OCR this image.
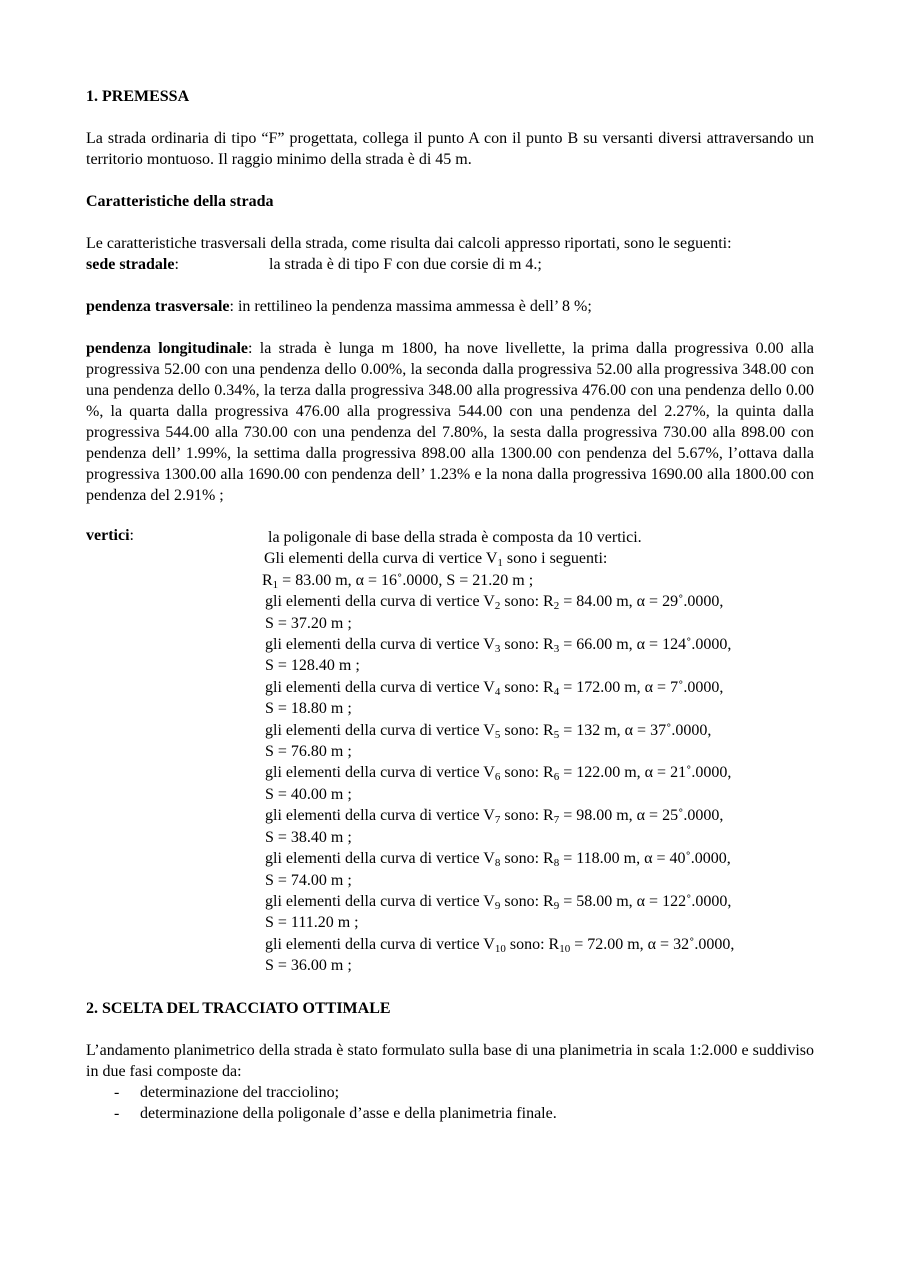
1. PREMESSA

La strada ordinaria di tipo “F” progettata, collega il punto A con il punto B su versanti diversi attraversando un territorio montuoso. Il raggio minimo della strada è di 45 m.

Caratteristiche della strada

Le caratteristiche trasversali della strada, come risulta dai calcoli appresso riportati, sono le seguenti:

sede stradale:	la strada è di tipo F con due corsie di m 4.;

pendenza trasversale: in rettilineo la pendenza massima ammessa è dell’ 8 %;

pendenza longitudinale: la strada è lunga m 1800, ha nove livellette, la prima dalla progressiva 0.00 alla progressiva 52.00 con una pendenza dello 0.00%, la seconda dalla progressiva 52.00 alla progressiva 348.00 con una pendenza dello 0.34%, la terza dalla progressiva 348.00 alla progressiva 476.00 con una pendenza dello 0.00 %, la quarta dalla progressiva 476.00 alla progressiva 544.00 con una pendenza del 2.27%, la quinta dalla progressiva 544.00 alla 730.00 con una pendenza del 7.80%, la sesta dalla progressiva 730.00 alla 898.00 con pendenza dell’ 1.99%, la settima dalla progressiva 898.00 alla 1300.00 con pendenza del 5.67%, l’ottava dalla progressiva 1300.00 alla 1690.00 con pendenza dell’ 1.23% e la nona dalla progressiva 1690.00 alla 1800.00 con pendenza del 2.91% ;

vertici:	la poligonale di base della strada è composta da 10 vertici.
Gli elementi della curva di vertice $V_1$ sono i seguenti:
$R_1 = 83.00$ m, α = 16˚.0000, S = 21.20 m ;
gli elementi della curva di vertice $V_2$ sono: $R_2 = 84.00$ m, α = 29˚.0000,
S = 37.20 m ;
gli elementi della curva di vertice $V_3$ sono: $R_3 = 66.00$ m, α = 124˚.0000,
S = 128.40 m ;
gli elementi della curva di vertice $V_4$ sono: $R_4 = 172.00$ m, α = 7˚.0000,
S = 18.80 m ;
gli elementi della curva di vertice $V_5$ sono: $R_5 = 132$ m, α = 37˚.0000,
S = 76.80 m ;
gli elementi della curva di vertice $V_6$ sono: $R_6 = 122.00$ m, α = 21˚.0000,
S = 40.00 m ;
gli elementi della curva di vertice $V_7$ sono: $R_7 = 98.00$ m, α = 25˚.0000,
S = 38.40 m ;
gli elementi della curva di vertice $V_8$ sono: $R_8 = 118.00$ m, α = 40˚.0000,
S = 74.00 m ;
gli elementi della curva di vertice $V_9$ sono: $R_9 = 58.00$ m, α = 122˚.0000,
S = 111.20 m ;
gli elementi della curva di vertice $V_{10}$ sono: $R_{10} = 72.00$ m, α = 32˚.0000,
S = 36.00 m ;

2. SCELTA DEL TRACCIATO OTTIMALE

L’andamento planimetrico della strada è stato formulato sulla base di una planimetria in scala 1:2.000 e suddiviso in due fasi composte da:

-	determinazione del tracciolino;
-	determinazione della poligonale d’asse e della planimetria finale.
